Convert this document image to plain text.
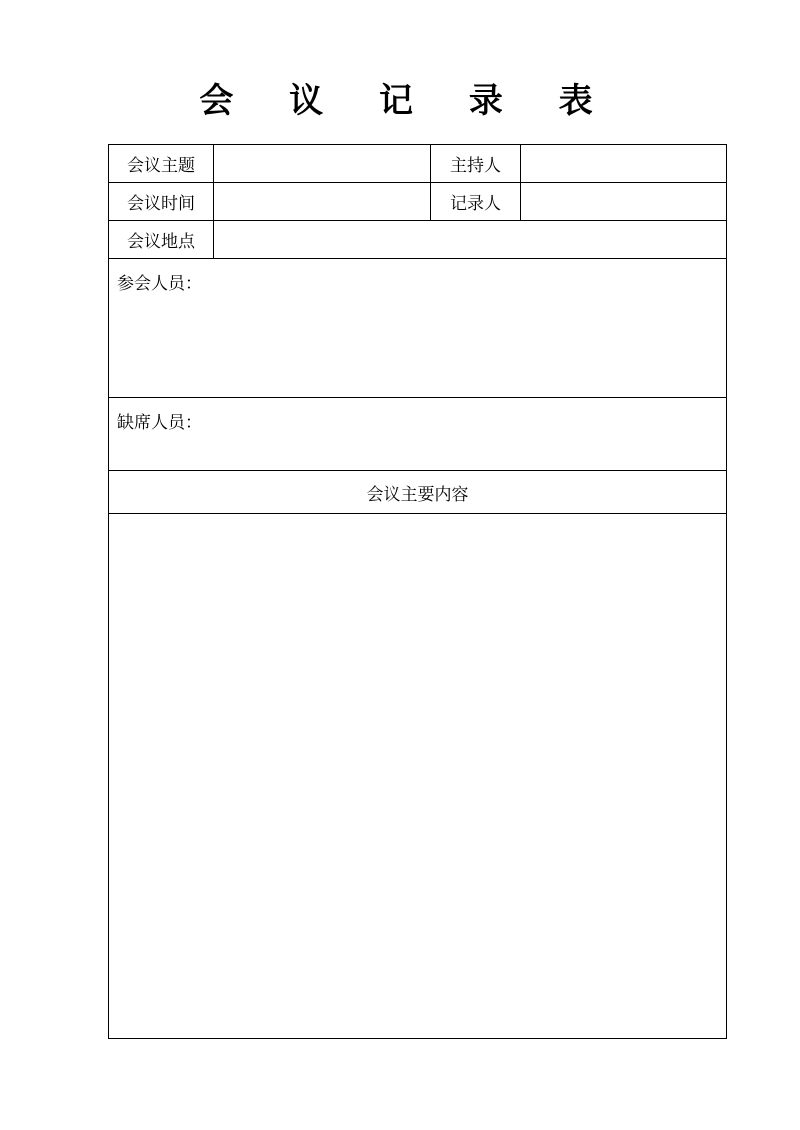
会 议 记 录 表
会议主题		主持人	
会议时间		记录人	
会议地点			
参会人员：			
缺席人员：			
会议主要内容			
